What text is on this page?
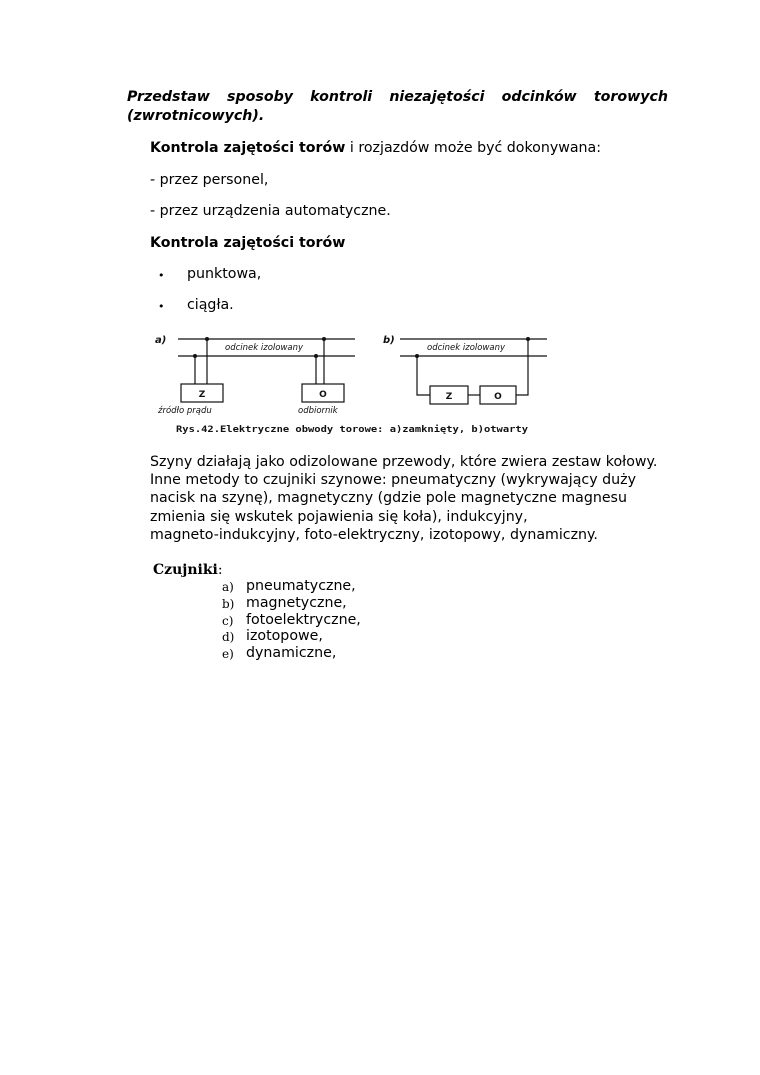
Przedstaw sposoby kontroli niezajętości odcinków torowych
(zwrotnicowych).
Kontrola zajętości torów i rozjazdów może być dokonywana:
- przez personel,
- przez urządzenia automatyczne.
Kontrola zajętości torów
• punktowa,
• ciągła.
a)
odcinek izolowany
Z	O
źródło prądu	odbiornik
b)
odcinek izolowany
Z	O
Rys.42.Elektryczne obwody torowe: a)zamknięty, b)otwarty
Szyny działają jako odizolowane przewody, które zwiera zestaw kołowy.
Inne metody to czujniki szynowe: pneumatyczny (wykrywający duży
nacisk na szynę), magnetyczny (gdzie pole magnetyczne magnesu
zmienia się wskutek pojawienia się koła), indukcyjny,
magneto-indukcyjny, foto-elektryczny, izotopowy, dynamiczny.
Czujniki:
a) pneumatyczne,
b) magnetyczne,
c) fotoelektryczne,
d) izotopowe,
e) dynamiczne,
